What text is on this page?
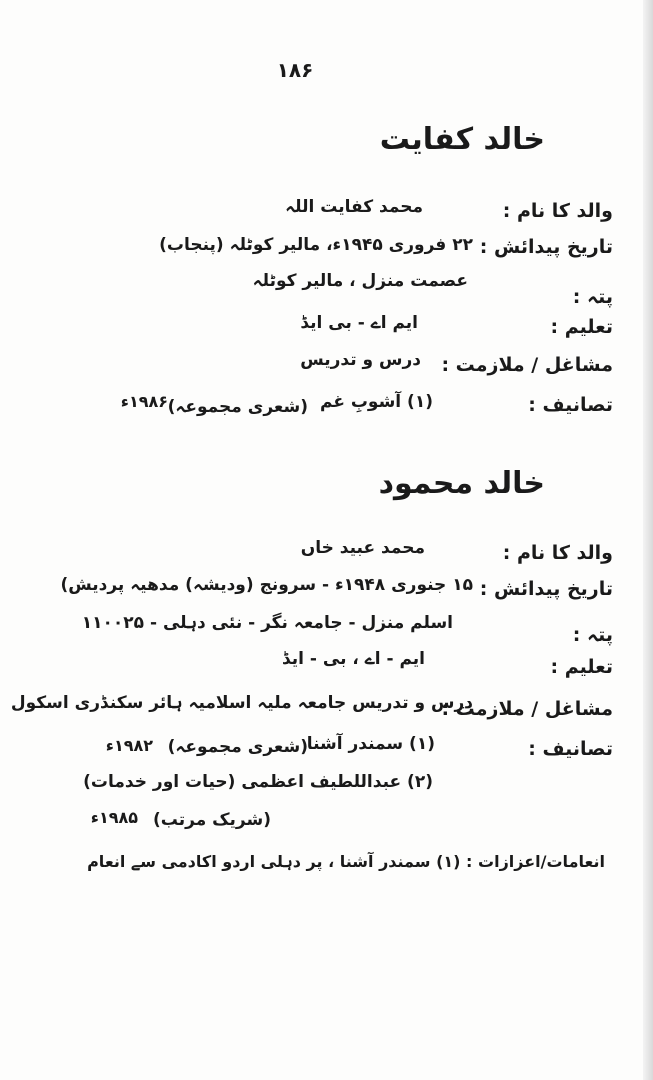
۱۸۶
خالد کفایت
والد کا نام :
محمد کفایت اللہ
تاریخ پیدائش :
۲۲ فروری ۱۹۴۵ء، مالیر کوٹلہ (پنجاب)
عصمت منزل ، مالیر کوٹلہ
پتہ :
تعلیم :
ایم اے - بی ایڈ
مشاغل / ملازمت :
درس و تدریس
تصانیف :
(۱) آشوبِ غم
(شعری مجموعہ)
۱۹۸۶ء
خالد محمود
والد کا نام :
محمد عبید خاں
تاریخ پیدائش :
۱۵ جنوری ۱۹۴۸ء - سرونج (ودیشہ) مدھیہ پردیش)
پتہ :
اسلم منزل - جامعہ نگر - نئی دہلی - ۱۱۰۰۲۵
تعلیم :
ایم - اے ، بی - ایڈ
مشاغل / ملازمت :
درس و تدریس جامعہ ملیہ اسلامیہ ہائر سکنڈری اسکول
تصانیف :
(۱) سمندر آشنا
(شعری مجموعہ)
۱۹۸۲ء
(۲) عبداللطیف اعظمی (حیات اور خدمات)
(شریک مرتب)
۱۹۸۵ء
انعامات/اعزازات : (۱) سمندر آشنا ، پر دہلی اردو اکادمی سے انعام
